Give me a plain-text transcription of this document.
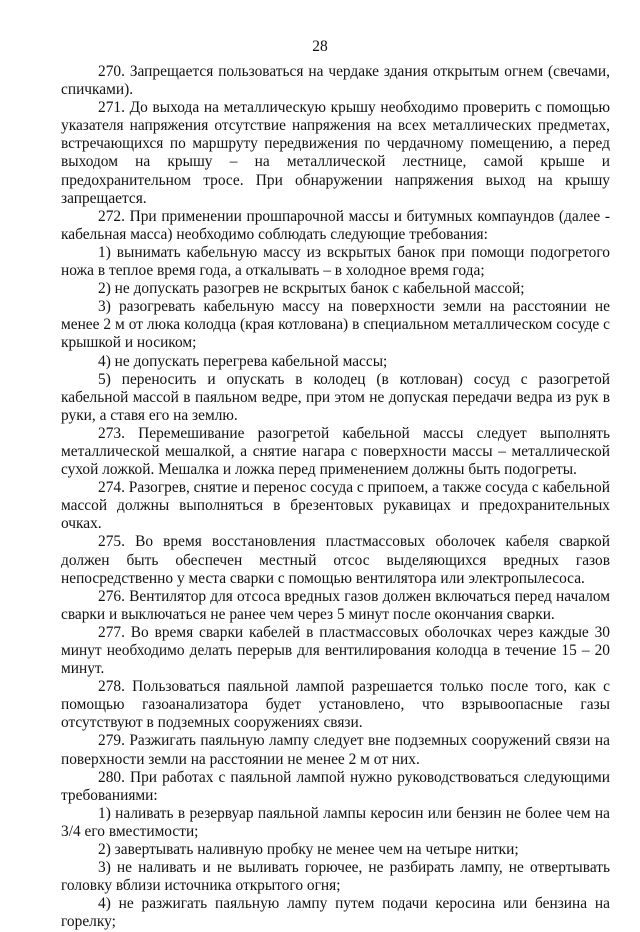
28

270. Запрещается пользоваться на чердаке здания открытым огнем (свечами, спичками).

271. До выхода на металлическую крышу необходимо проверить с помощью указателя напряжения отсутствие напряжения на всех металлических предметах, встречающихся по маршруту передвижения по чердачному помещению, а перед выходом на крышу – на металлической лестнице, самой крыше и предохранительном тросе. При обнаружении напряжения выход на крышу запрещается.

272. При применении прошпарочной массы и битумных компаундов (далее - кабельная масса) необходимо соблюдать следующие требования:

1) вынимать кабельную массу из вскрытых банок при помощи подогретого ножа в теплое время года, а откалывать – в холодное время года;

2) не допускать разогрев не вскрытых банок с кабельной массой;

3) разогревать кабельную массу на поверхности земли на расстоянии не менее 2 м от люка колодца (края котлована) в специальном металлическом сосуде с крышкой и носиком;

4) не допускать перегрева кабельной массы;

5) переносить и опускать в колодец (в котлован) сосуд с разогретой кабельной массой в паяльном ведре, при этом не допуская передачи ведра из рук в руки, а ставя его на землю.

273. Перемешивание разогретой кабельной массы следует выполнять металлической мешалкой, а снятие нагара с поверхности массы – металлической сухой ложкой. Мешалка и ложка перед применением должны быть подогреты.

274. Разогрев, снятие и перенос сосуда с припоем, а также сосуда с кабельной массой должны выполняться в брезентовых рукавицах и предохранительных очках.

275. Во время восстановления пластмассовых оболочек кабеля сваркой должен быть обеспечен местный отсос выделяющихся вредных газов непосредственно у места сварки с помощью вентилятора или электропылесоса.

276. Вентилятор для отсоса вредных газов должен включаться перед началом сварки и выключаться не ранее чем через 5 минут после окончания сварки.

277. Во время сварки кабелей в пластмассовых оболочках через каждые 30 минут необходимо делать перерыв для вентилирования колодца в течение 15 – 20 минут.

278. Пользоваться паяльной лампой разрешается только после того, как с помощью газоанализатора будет установлено, что взрывоопасные газы отсутствуют в подземных сооружениях связи.

279. Разжигать паяльную лампу следует вне подземных сооружений связи на поверхности земли на расстоянии не менее 2 м от них.

280. При работах с паяльной лампой нужно руководствоваться следующими требованиями:

1) наливать в резервуар паяльной лампы керосин или бензин не более чем на 3/4 его вместимости;

2) завертывать наливную пробку не менее чем на четыре нитки;

3) не наливать и не выливать горючее, не разбирать лампу, не отвертывать головку вблизи источника открытого огня;

4) не разжигать паяльную лампу путем подачи керосина или бензина на горелку;
